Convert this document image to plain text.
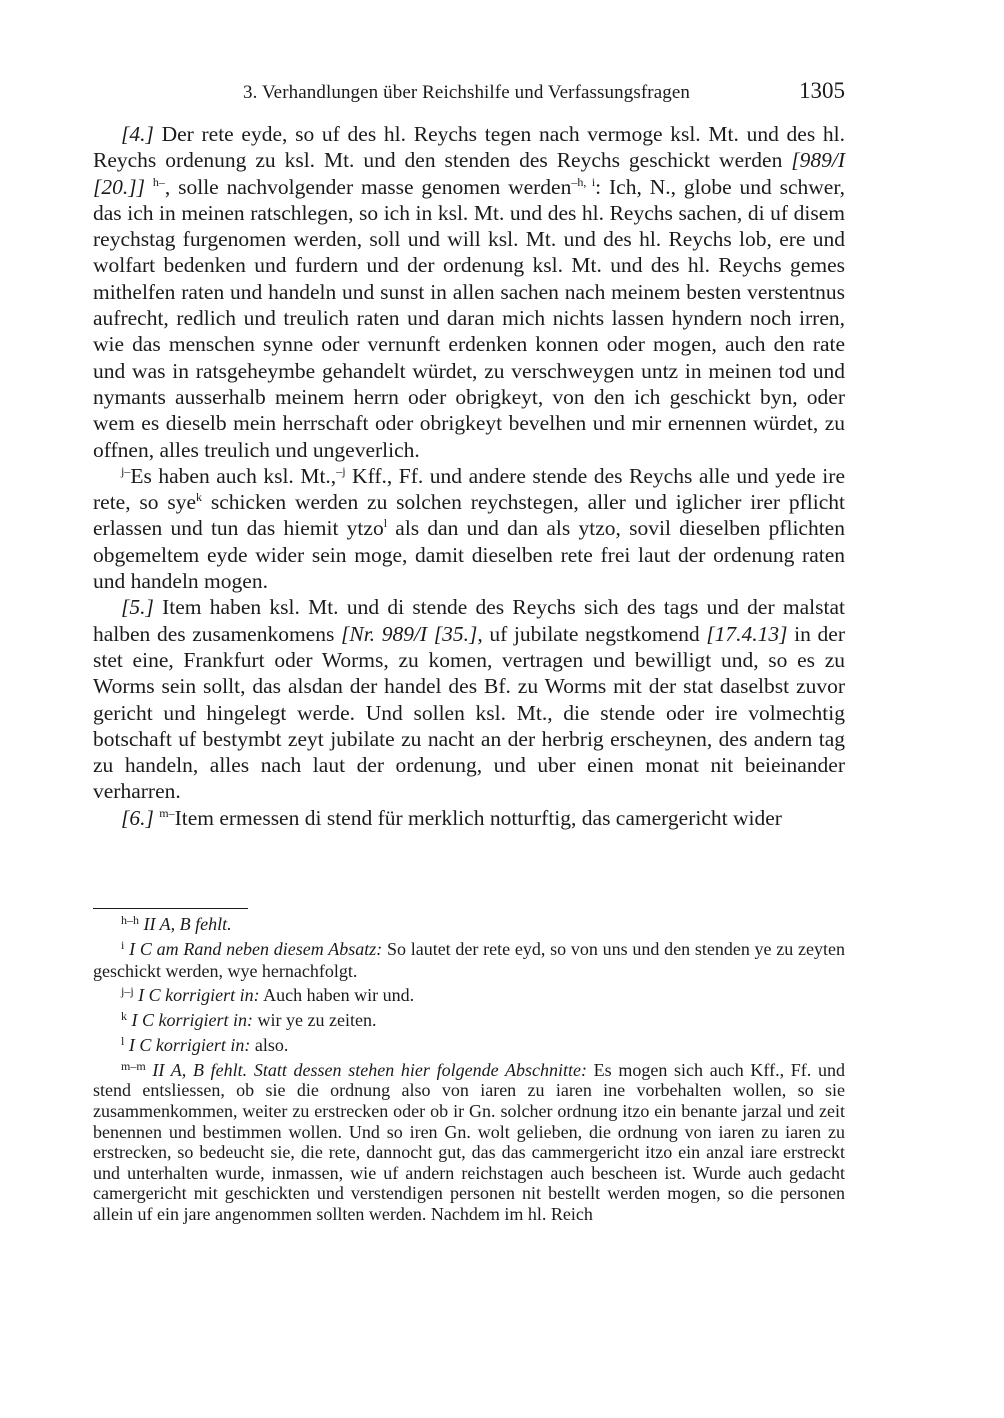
3. Verhandlungen über Reichshilfe und Verfassungsfragen	1305

[4.] Der rete eyde, so uf des hl. Reychs tegen nach vermoge ksl. Mt. und des hl. Reychs ordenung zu ksl. Mt. und den stenden des Reychs geschickt werden [989/I [20.]] $^{h-}$, solle nachvolgender masse genomen werden$^{-h,}$ $^i$: Ich, N., globe und schwer, das ich in meinen ratschlegen, so ich in ksl. Mt. und des hl. Reychs sachen, di uf disem reychstag furgenomen werden, soll und will ksl. Mt. und des hl. Reychs lob, ere und wolfart bedenken und furdern und der ordenung ksl. Mt. und des hl. Reychs gemes mithelfen raten und handeln und sunst in allen sachen nach meinem besten verstentnus aufrecht, redlich und treulich raten und daran mich nichts lassen hyndern noch irren, wie das menschen synne oder vernunft erdenken konnen oder mogen, auch den rate und was in ratsgeheymbe gehandelt würdet, zu verschweygen untz in meinen tod und nymants ausserhalb meinem herrn oder obrigkeyt, von den ich geschickt byn, oder wem es dieselb mein herrschaft oder obrigkeyt bevelhen und mir ernennen würdet, zu offnen, alles treulich und ungeverlich.

$^{j-}$Es haben auch ksl. Mt.,$^{-j}$ Kff., Ff. und andere stende des Reychs alle und yede ire rete, so sye$^k$ schicken werden zu solchen reychstegen, aller und iglicher irer pflicht erlassen und tun das hiemit ytzo$^l$ als dan und dan als ytzo, sovil dieselben pflichten obgemeltem eyde wider sein moge, damit dieselben rete frei laut der ordenung raten und handeln mogen.

[5.] Item haben ksl. Mt. und di stende des Reychs sich des tags und der malstat halben des zusamenkomens [Nr. 989/I [35.], uf jubilate negstkomend [17.4.13] in der stet eine, Frankfurt oder Worms, zu komen, vertragen und bewilligt und, so es zu Worms sein sollt, das alsdan der handel des Bf. zu Worms mit der stat daselbst zuvor gericht und hingelegt werde. Und sollen ksl. Mt., die stende oder ire volmechtig botschaft uf bestymbt zeyt jubilate zu nacht an der herbrig erscheynen, des andern tag zu handeln, alles nach laut der ordenung, und uber einen monat nit beieinander verharren.

[6.] $^{m-}$Item ermessen di stend für merklich notturftig, das camergericht wider

$^{h-h}$ II A, B fehlt.

$^i$ I C am Rand neben diesem Absatz: So lautet der rete eyd, so von uns und den stenden ye zu zeyten geschickt werden, wye hernachfolgt.

$^{j-j}$ I C korrigiert in: Auch haben wir und.

$^k$ I C korrigiert in: wir ye zu zeiten.

$^l$ I C korrigiert in: also.

$^{m-m}$ II A, B fehlt. Statt dessen stehen hier folgende Abschnitte: Es mogen sich auch Kff., Ff. und stend entsliessen, ob sie die ordnung also von iaren zu iaren ine vorbehalten wollen, so sie zusammenkommen, weiter zu erstrecken oder ob ir Gn. solcher ordnung itzo ein benante jarzal und zeit benennen und bestimmen wollen. Und so iren Gn. wolt gelieben, die ordnung von iaren zu iaren zu erstrecken, so bedeucht sie, die rete, dannocht gut, das das cammergericht itzo ein anzal iare erstreckt und unterhalten wurde, inmassen, wie uf andern reichstagen auch bescheen ist. Wurde auch gedacht camergericht mit geschickten und verstendigen personen nit bestellt werden mogen, so die personen allein uf ein jare angenommen sollten werden. Nachdem im hl. Reich
